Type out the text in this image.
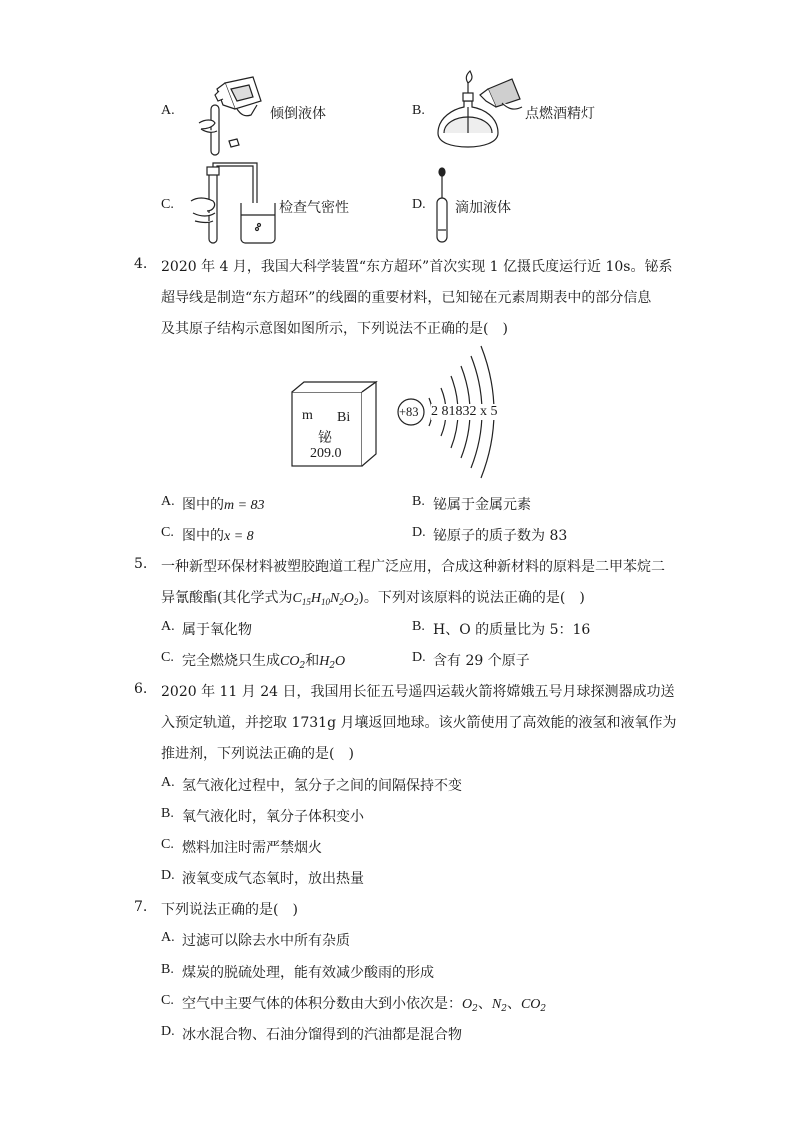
A.	倾倒液体	B.	点燃酒精灯
C.	检查气密性	D. 滴加液体
4. 2020 年 4 月，我国大科学装置“东方超环”首次实现 1 亿摄氏度运行近 10s。铋系
超导线是制造“东方超环”的线圈的重要材料，已知铋在元素周期表中的部分信息
及其原子结构示意图如图所示，下列说法不正确的是(　)
m Bi
铋
209.0
+83 2 81832 x 5
A. 图中的m = 83	B. 铋属于金属元素
C. 图中的x = 8	D. 铋原子的质子数为 83
5. 一种新型环保材料被塑胶跑道工程广泛应用，合成这种新材料的原料是二甲苯烷二
异氰酸酯(其化学式为$C_{15}H_{10}N_2O_2$)。下列对该原料的说法正确的是(　)
A. 属于氧化物	B. H、O 的质量比为 5：16
C. 完全燃烧只生成$CO_2$和$H_2O$	D. 含有 29 个原子
6. 2020 年 11 月 24 日，我国用长征五号遥四运载火箭将嫦娥五号月球探测器成功送
入预定轨道，并挖取 1731g 月壤返回地球。该火箭使用了高效能的液氢和液氧作为
推进剂，下列说法正确的是(　)
A. 氢气液化过程中，氢分子之间的间隔保持不变
B. 氧气液化时，氧分子体积变小
C. 燃料加注时需严禁烟火
D. 液氧变成气态氧时，放出热量
7. 下列说法正确的是(　)
A. 过滤可以除去水中所有杂质
B. 煤炭的脱硫处理，能有效减少酸雨的形成
C. 空气中主要气体的体积分数由大到小依次是：$O_2$、$N_2$、$CO_2$
D. 冰水混合物、石油分馏得到的汽油都是混合物
